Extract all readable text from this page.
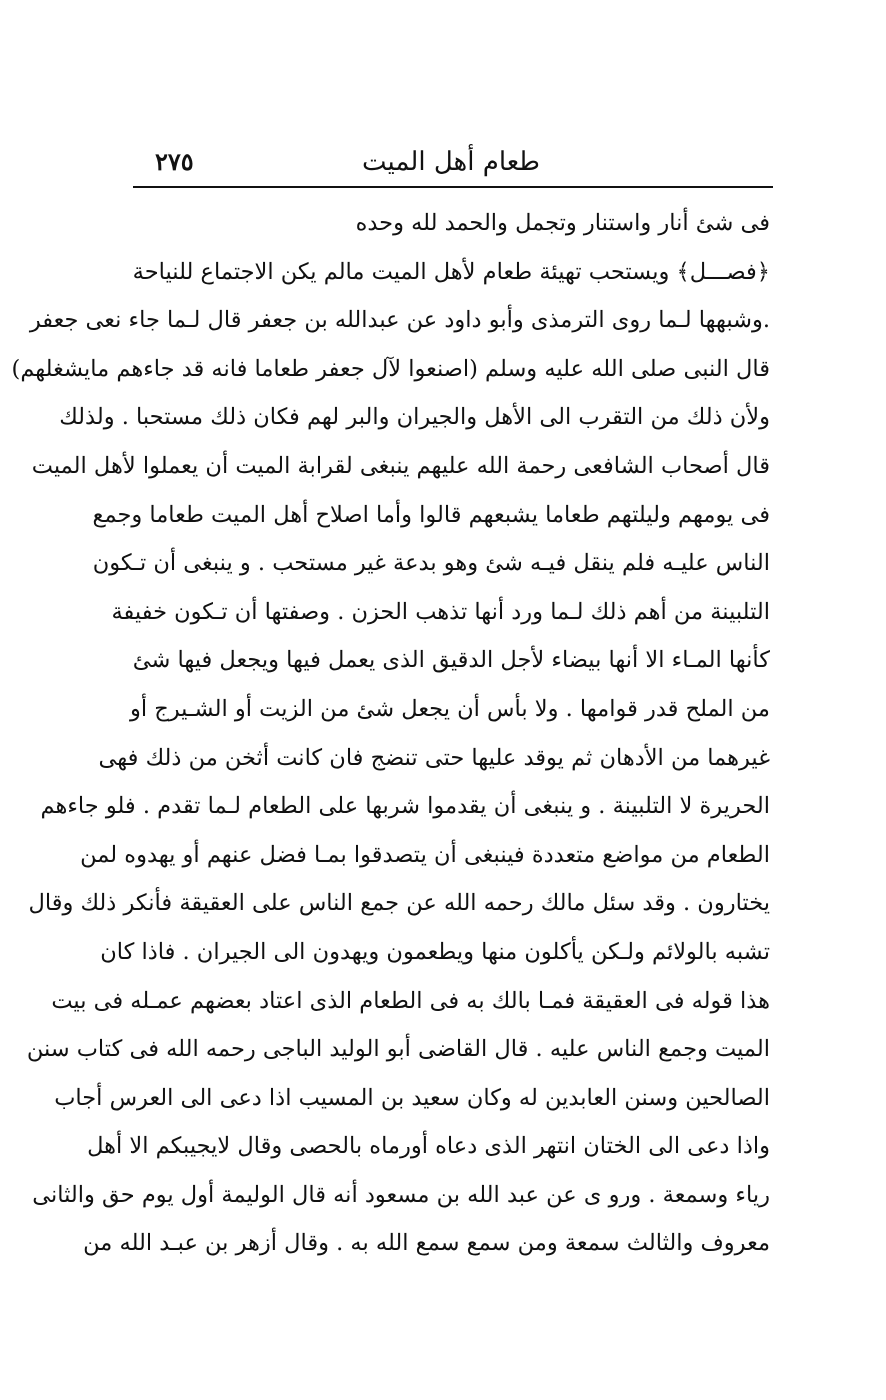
طعام أهل الميت
٢٧٥
فى شئ أنار واستنار وتجمل والحمد لله وحده
﴿فصـــل﴾ ويستحب تهيئة طعام لأهل الميت مالم يكن الاجتماع للنياحة
.وشبهها لـما روى الترمذى وأبو داود عن عبدالله بن جعفر قال لـما جاء نعى جعفر
قال النبى صلى الله عليه وسلم (اصنعوا لآل جعفر طعاما فانه قد جاءهم مايشغلهم)
ولأن ذلك من التقرب الى الأهل والجيران والبر لهم فكان ذلك مستحبا . ولذلك
قال أصحاب الشافعى رحمة الله عليهم ينبغى لقرابة الميت أن يعملوا لأهل الميت
فى يومهم وليلتهم طعاما يشبعهم قالوا وأما اصلاح أهل الميت طعاما وجمع
الناس عليـه فلم ينقل فيـه شئ وهو بدعة غير مستحب . و ينبغى أن تـكون
التلبينة من أهم ذلك لـما ورد أنها تذهب الحزن . وصفتها أن تـكون خفيفة
كأنها المـاء الا أنها بيضاء لأجل الدقيق الذى يعمل فيها ويجعل فيها شئ
من الملح قدر قوامها . ولا بأس أن يجعل شئ من الزيت أو الشـيرج أو
غيرهما من الأدهان ثم يوقد عليها حتى تنضج فان كانت أثخن من ذلك فهى
الحريرة لا التلبينة . و ينبغى أن يقدموا شربها على الطعام لـما تقدم . فلو جاءهم
الطعام من مواضع متعددة فينبغى أن يتصدقوا بمـا فضل عنهم أو يهدوه لمن
يختارون . وقد سئل مالك رحمه الله عن جمع الناس على العقيقة فأنكر ذلك وقال
تشبه بالولائم ولـكن يأكلون منها ويطعمون ويهدون الى الجيران . فاذا كان
هذا قوله فى العقيقة فمـا بالك به فى الطعام الذى اعتاد بعضهم عمـله فى بيت
الميت وجمع الناس عليه . قال القاضى أبو الوليد الباجى رحمه الله فى كتاب سنن
الصالحين وسنن العابدين له وكان سعيد بن المسيب اذا دعى الى العرس أجاب
واذا دعى الى الختان انتهر الذى دعاه أورماه بالحصى وقال لايجيبكم الا أهل
رياء وسمعة . ورو ى عن عبد الله بن مسعود أنه قال الوليمة أول يوم حق والثانى
معروف والثالث سمعة ومن سمع سمع الله به . وقال أزهر بن عبـد الله من
